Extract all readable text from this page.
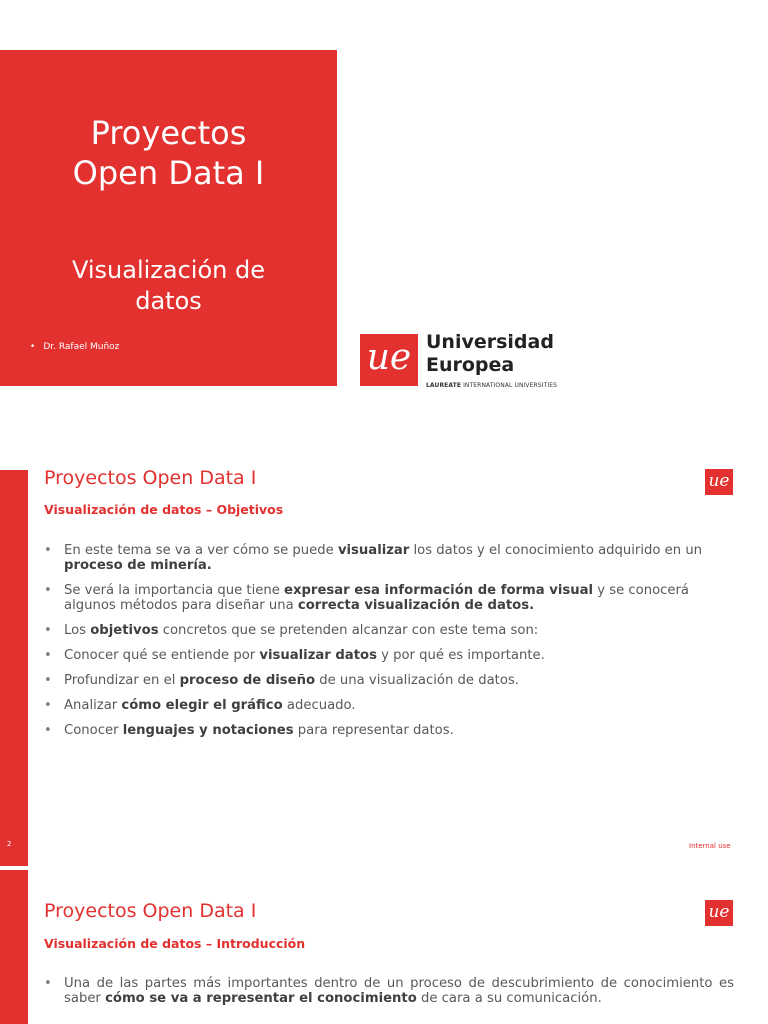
Proyectos
Open Data I
Visualización de
datos
• Dr. Rafael Muñoz	ue Universidad
Europea
LAUREATE INTERNATIONAL UNIVERSITIES
2
Proyectos Open Data I
Visualización de datos – Objetivos
ue
• En este tema se va a ver cómo se puede visualizar los datos y el conocimiento adquirido en un proceso de minería.
• Se verá la importancia que tiene expresar esa información de forma visual y se conocerá algunos métodos para diseñar una correcta visualización de datos.
• Los objetivos concretos que se pretenden alcanzar con este tema son:
• Conocer qué se entiende por visualizar datos y por qué es importante.
• Profundizar en el proceso de diseño de una visualización de datos.
• Analizar cómo elegir el gráfico adecuado.
• Conocer lenguajes y notaciones para representar datos.
Internal use
Proyectos Open Data I
Visualización de datos – Introducción
ue
• Una de las partes más importantes dentro de un proceso de descubrimiento de conocimiento es saber cómo se va a representar el conocimiento de cara a su comunicación.
